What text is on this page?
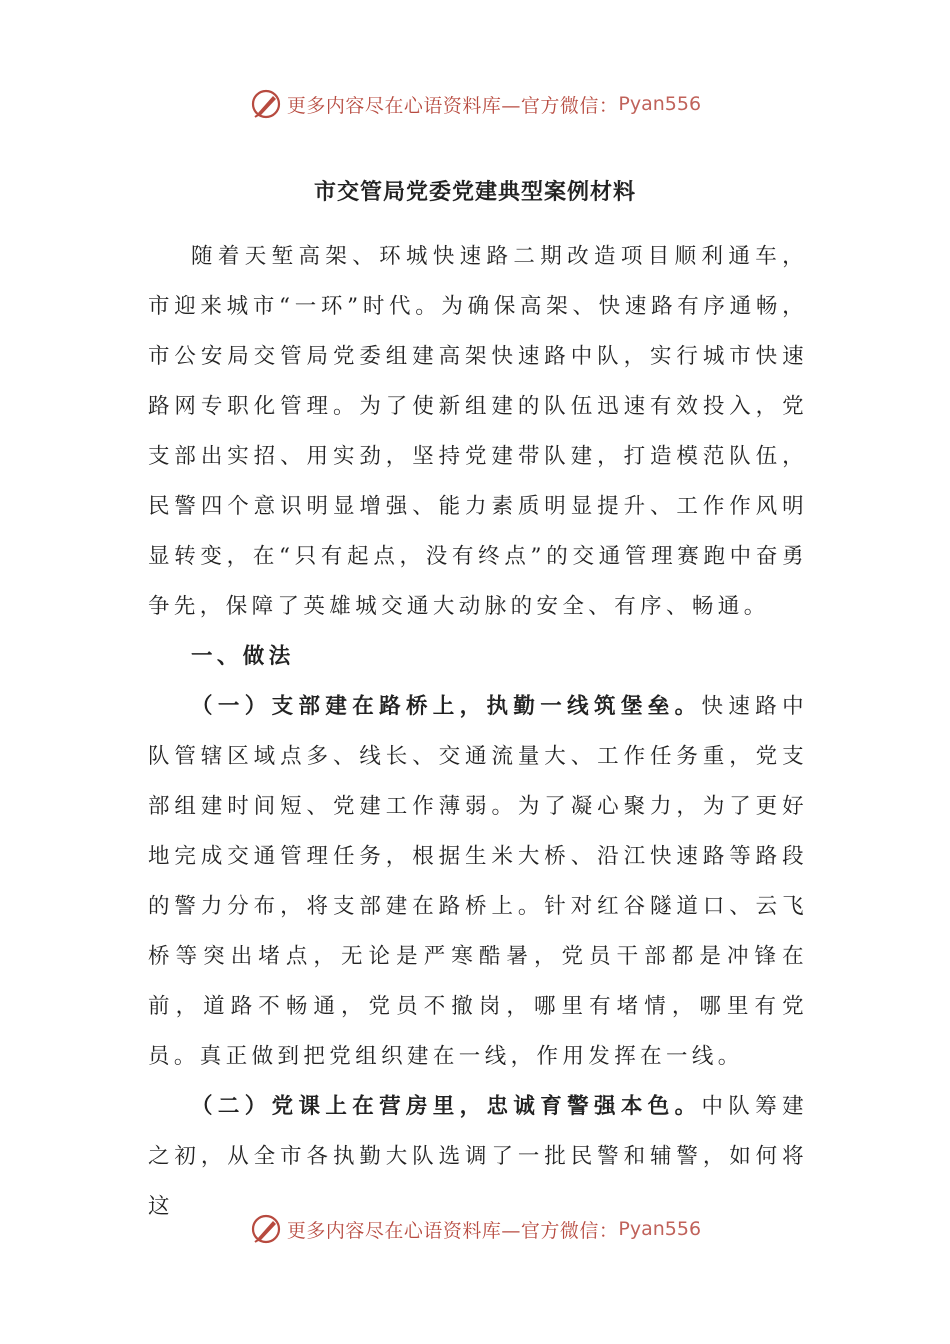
更多内容尽在心语资料库—官方微信： Pyan556
市交管局党委党建典型案例材料

随着天堑高架、环城快速路二期改造项目顺利通车，市迎来城市“一环”时代。为确保高架、快速路有序通畅，市公安局交管局党委组建高架快速路中队，实行城市快速路网专职化管理。为了使新组建的队伍迅速有效投入，党支部出实招、用实劲，坚持党建带队建，打造模范队伍，民警四个意识明显增强、能力素质明显提升、工作作风明显转变，在“只有起点，没有终点”的交通管理赛跑中奋勇争先，保障了英雄城交通大动脉的安全、有序、畅通。

一、做法

（一）支部建在路桥上，执勤一线筑堡垒。快速路中队管辖区域点多、线长、交通流量大、工作任务重，党支部组建时间短、党建工作薄弱。为了凝心聚力，为了更好地完成交通管理任务，根据生米大桥、沿江快速路等路段的警力分布，将支部建在路桥上。针对红谷隧道口、云飞桥等突出堵点，无论是严寒酷暑，党员干部都是冲锋在前，道路不畅通，党员不撤岗，哪里有堵情，哪里有党员。真正做到把党组织建在一线，作用发挥在一线。

（二）党课上在营房里，忠诚育警强本色。中队筹建之初，从全市各执勤大队选调了一批民警和辅警，如何将这

更多内容尽在心语资料库—官方微信： Pyan556
